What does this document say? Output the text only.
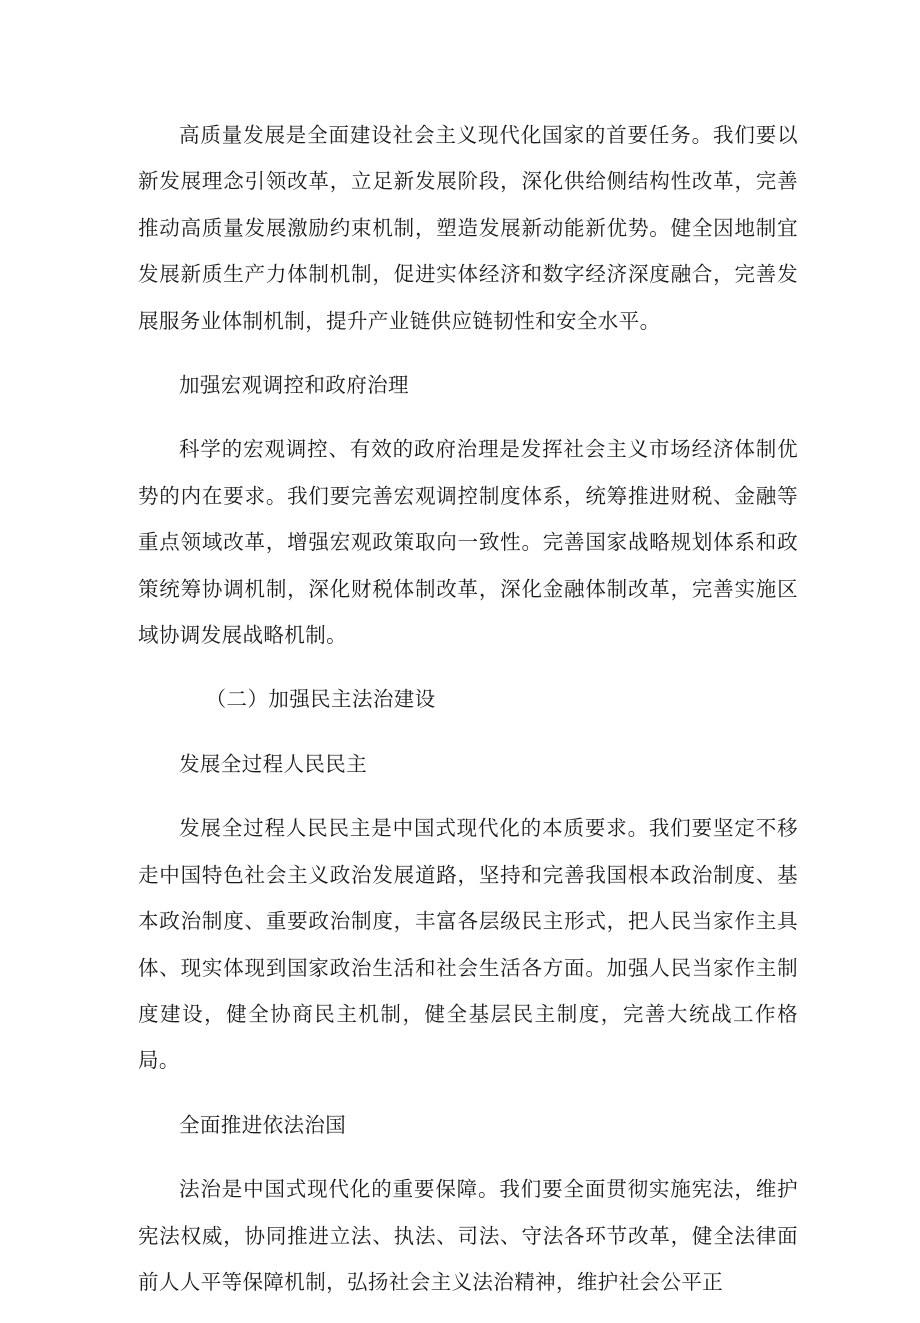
高质量发展是全面建设社会主义现代化国家的首要任务。我们要以新发展理念引领改革，立足新发展阶段，深化供给侧结构性改革，完善推动高质量发展激励约束机制，塑造发展新动能新优势。健全因地制宜发展新质生产力体制机制，促进实体经济和数字经济深度融合，完善发展服务业体制机制，提升产业链供应链韧性和安全水平。

加强宏观调控和政府治理

科学的宏观调控、有效的政府治理是发挥社会主义市场经济体制优势的内在要求。我们要完善宏观调控制度体系，统筹推进财税、金融等重点领域改革，增强宏观政策取向一致性。完善国家战略规划体系和政策统筹协调机制，深化财税体制改革，深化金融体制改革，完善实施区域协调发展战略机制。

（二）加强民主法治建设

发展全过程人民民主

发展全过程人民民主是中国式现代化的本质要求。我们要坚定不移走中国特色社会主义政治发展道路，坚持和完善我国根本政治制度、基本政治制度、重要政治制度，丰富各层级民主形式，把人民当家作主具体、现实体现到国家政治生活和社会生活各方面。加强人民当家作主制度建设，健全协商民主机制，健全基层民主制度，完善大统战工作格局。

全面推进依法治国

法治是中国式现代化的重要保障。我们要全面贯彻实施宪法，维护宪法权威，协同推进立法、执法、司法、守法各环节改革，健全法律面前人人平等保障机制，弘扬社会主义法治精神，维护社会公平正
